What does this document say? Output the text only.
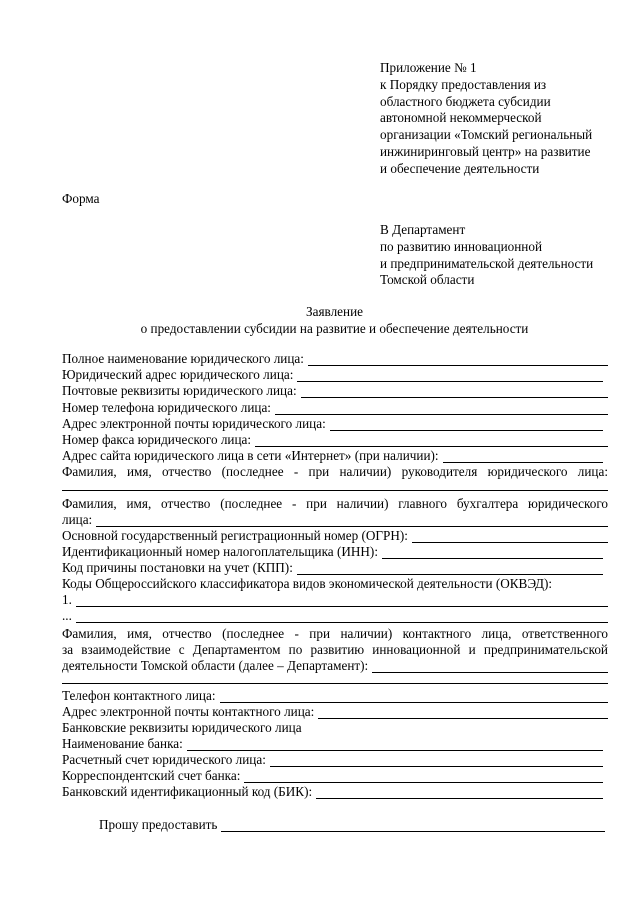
Приложение № 1
к Порядку предоставления из
областного бюджета субсидии
автономной некоммерческой
организации «Томский региональный
инжиниринговый центр» на развитие
и обеспечение деятельности
Форма
В Департамент
по развитию инновационной
и предпринимательской деятельности
Томской области
Заявление
о предоставлении субсидии на развитие и обеспечение деятельности
Полное наименование юридического лица:
Юридический адрес юридического лица:
Почтовые реквизиты юридического лица:
Номер телефона юридического лица:
Адрес электронной почты юридического лица:
Номер факса юридического лица:
Адрес сайта юридического лица в сети «Интернет» (при наличии):
Фамилия, имя, отчество (последнее - при наличии) руководителя юридического лица:
Фамилия, имя, отчество (последнее - при наличии) главного бухгалтера юридического
лица:
Основной государственный регистрационный номер (ОГРН):
Идентификационный номер налогоплательщика (ИНН):
Код причины постановки на учет (КПП):
Коды Общероссийского классификатора видов экономической деятельности (ОКВЭД):
1.
...
Фамилия, имя, отчество (последнее - при наличии) контактного лица, ответственного
за взаимодействие с Департаментом по развитию инновационной и предпринимательской
деятельности Томской области (далее – Департамент):
Телефон контактного лица:
Адрес электронной почты контактного лица:
Банковские реквизиты юридического лица
Наименование банка:
Расчетный счет юридического лица:
Корреспондентский счет банка:
Банковский идентификационный код (БИК):
Прошу предоставить
